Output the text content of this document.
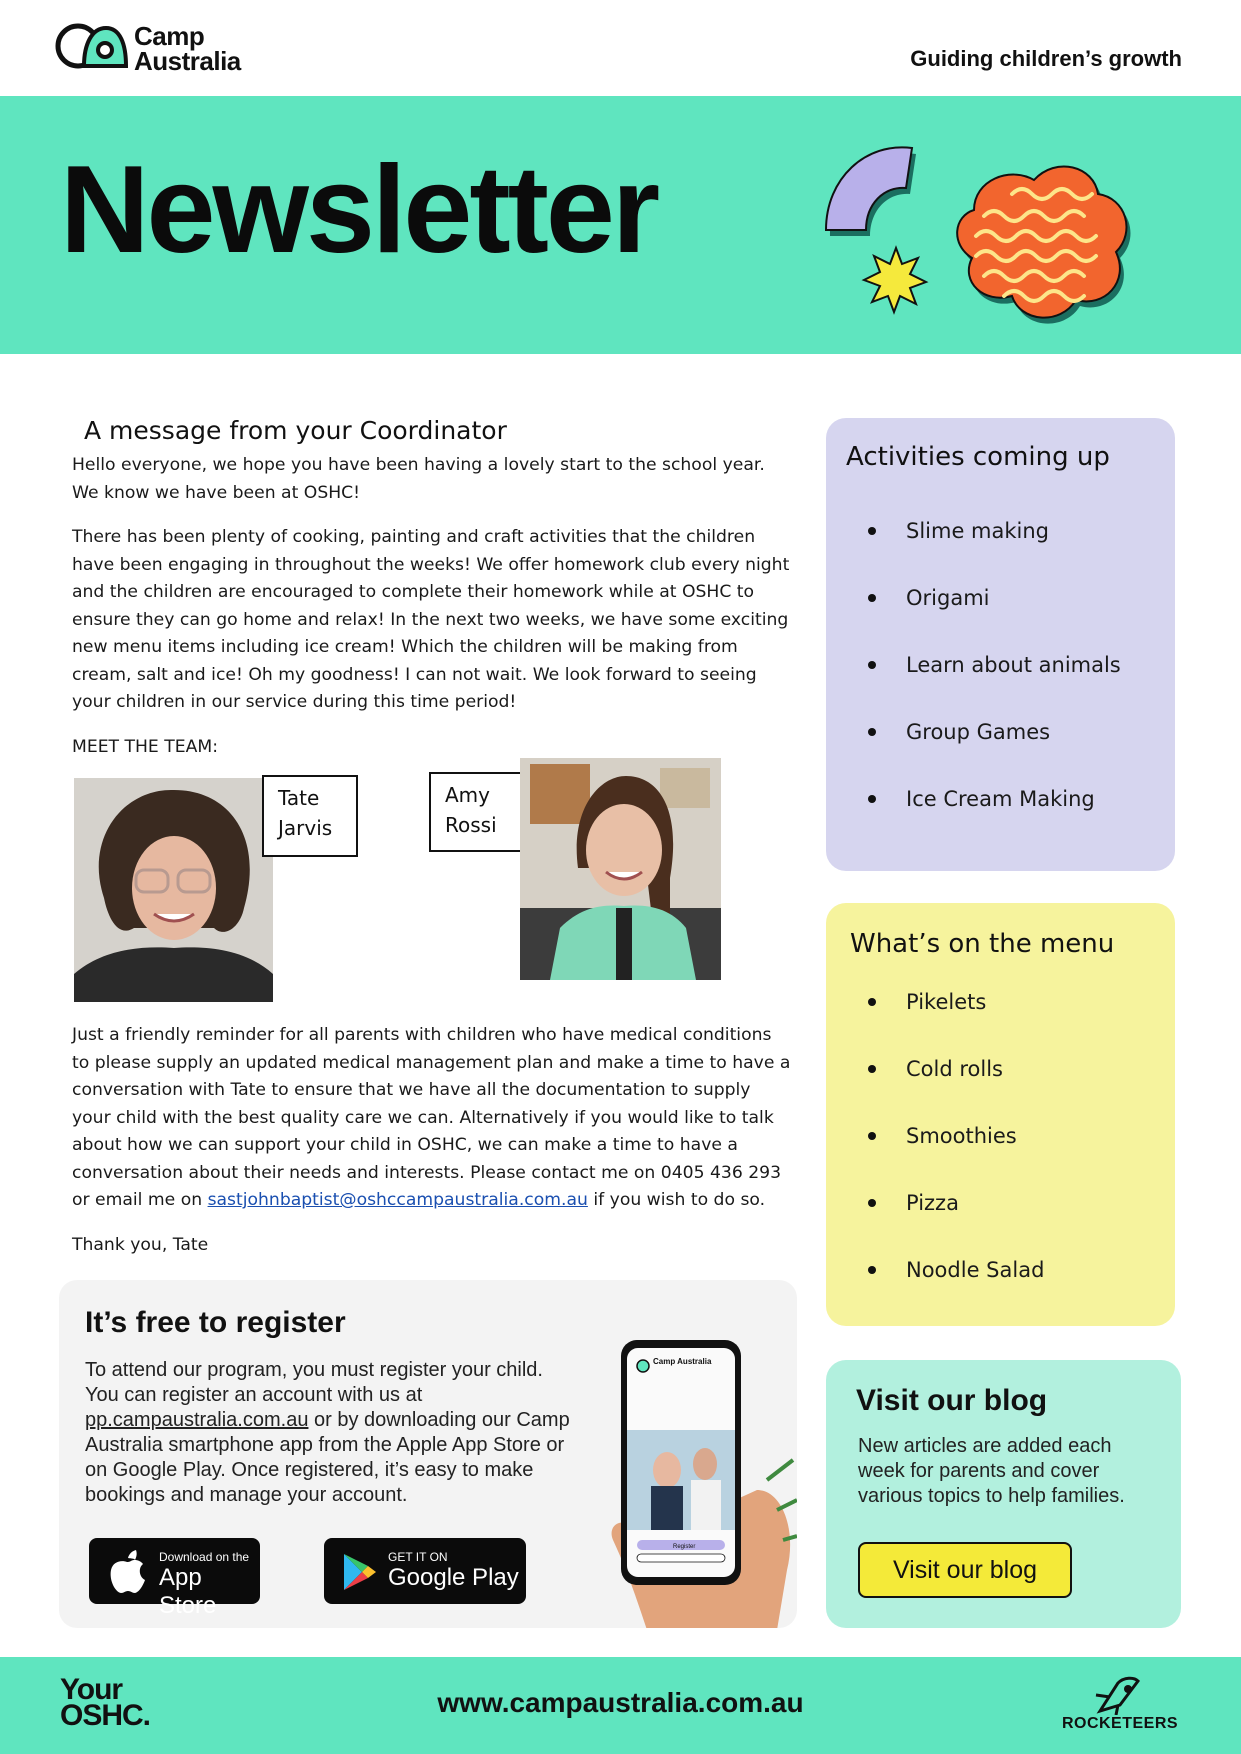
Camp
Australia	Guiding children’s growth
Newsletter
A message from your Coordinator
Hello everyone, we hope you have been having a lovely start to the school year. We know we have been at OSHC!
There has been plenty of cooking, painting and craft activities that the children have been engaging in throughout the weeks! We offer homework club every night and the children are encouraged to complete their homework while at OSHC to ensure they can go home and relax! In the next two weeks, we have some exciting new menu items including ice cream! Which the children will be making from cream, salt and ice! Oh my goodness! I can not wait. We look forward to seeing your children in our service during this time period!
MEET THE TEAM:
Tate
Jarvis
Amy
Rossi
Just a friendly reminder for all parents with children who have medical conditions to please supply an updated medical management plan and make a time to have a conversation with Tate to ensure that we have all the documentation to supply your child with the best quality care we can. Alternatively if you would like to talk about how we can support your child in OSHC, we can make a time to have a conversation about their needs and interests. Please contact me on 0405 436 293 or email me on sastjohnbaptist@oshccampaustralia.com.au if you wish to do so.
Thank you, Tate
It’s free to register
To attend our program, you must register your child. You can register an account with us at pp.campaustralia.com.au or by downloading our Camp Australia smartphone app from the Apple App Store or on Google Play. Once registered, it’s easy to make bookings and manage your account.
Download on the
App Store
GET IT ON
Google Play
Camp Australia
Register
Activities coming up
Slime making
Origami
Learn about animals
Group Games
Ice Cream Making
What’s on the menu
Pikelets
Cold rolls
Smoothies
Pizza
Noodle Salad
Visit our blog
New articles are added each week for parents and cover various topics to help families.
Visit our blog
Your
OSHC.	www.campaustralia.com.au
ROCKETEERS
